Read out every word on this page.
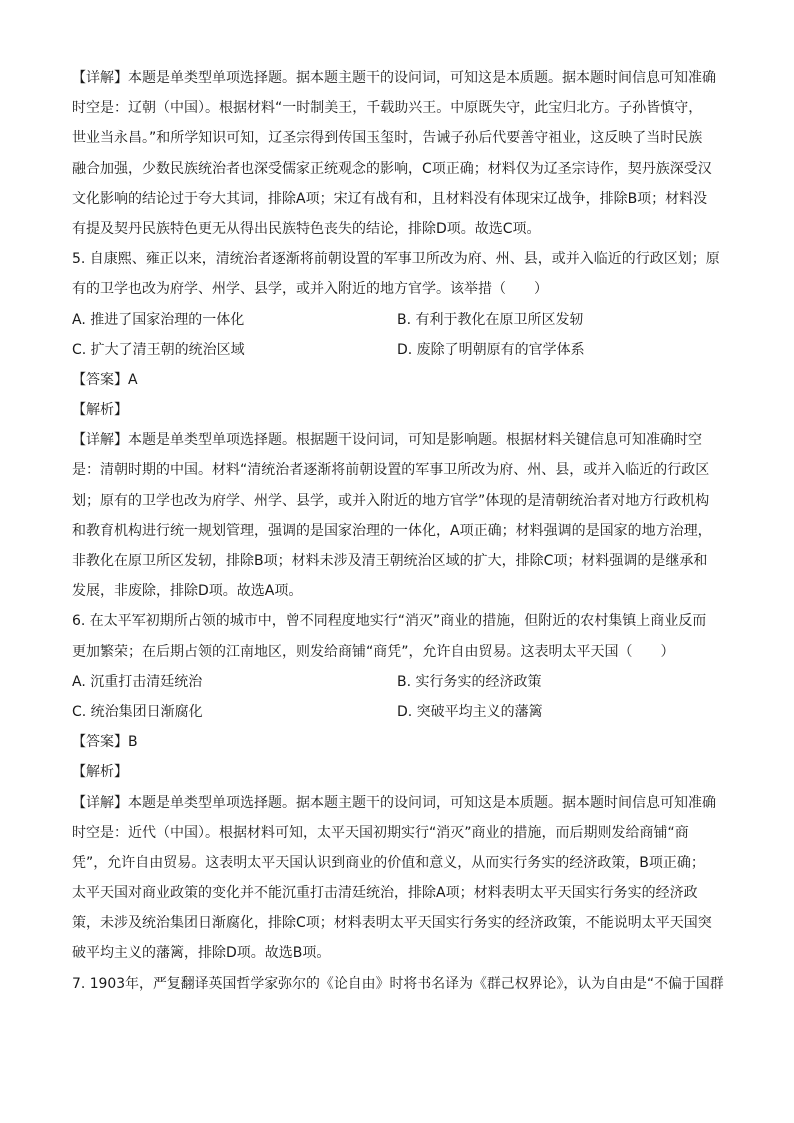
【详解】本题是单类型单项选择题。据本题主题干的设问词，可知这是本质题。据本题时间信息可知准确
时空是：辽朝（中国）。根据材料“一时制美王，千载助兴王。中原既失守，此宝归北方。子孙皆慎守，
世业当永昌。”和所学知识可知，辽圣宗得到传国玉玺时，告诫子孙后代要善守祖业，这反映了当时民族
融合加强，少数民族统治者也深受儒家正统观念的影响，C项正确；材料仅为辽圣宗诗作，契丹族深受汉
文化影响的结论过于夸大其词，排除A项；宋辽有战有和，且材料没有体现宋辽战争，排除B项；材料没
有提及契丹民族特色更无从得出民族特色丧失的结论，排除D项。故选C项。
5. 自康熙、雍正以来，清统治者逐渐将前朝设置的军事卫所改为府、州、县，或并入临近的行政区划；原
有的卫学也改为府学、州学、县学，或并入附近的地方官学。该举措（　　）
A. 推进了国家治理的一体化	B. 有利于教化在原卫所区发轫
C. 扩大了清王朝的统治区域	D. 废除了明朝原有的官学体系
【答案】A
【解析】
【详解】本题是单类型单项选择题。根据题干设问词，可知是影响题。根据材料关键信息可知准确时空
是：清朝时期的中国。材料“清统治者逐渐将前朝设置的军事卫所改为府、州、县，或并入临近的行政区
划；原有的卫学也改为府学、州学、县学，或并入附近的地方官学”体现的是清朝统治者对地方行政机构
和教育机构进行统一规划管理，强调的是国家治理的一体化，A项正确；材料强调的是国家的地方治理，
非教化在原卫所区发轫，排除B项；材料未涉及清王朝统治区域的扩大，排除C项；材料强调的是继承和
发展，非废除，排除D项。故选A项。
6. 在太平军初期所占领的城市中，曾不同程度地实行“消灭”商业的措施，但附近的农村集镇上商业反而
更加繁荣；在后期占领的江南地区，则发给商铺“商凭”，允许自由贸易。这表明太平天国（　　）
A. 沉重打击清廷统治	B. 实行务实的经济政策
C. 统治集团日渐腐化	D. 突破平均主义的藩篱
【答案】B
【解析】
【详解】本题是单类型单项选择题。据本题主题干的设问词，可知这是本质题。据本题时间信息可知准确
时空是：近代（中国）。根据材料可知，太平天国初期实行“消灭”商业的措施，而后期则发给商铺“商
凭”，允许自由贸易。这表明太平天国认识到商业的价值和意义，从而实行务实的经济政策，B项正确；
太平天国对商业政策的变化并不能沉重打击清廷统治，排除A项；材料表明太平天国实行务实的经济政
策，未涉及统治集团日渐腐化，排除C项；材料表明太平天国实行务实的经济政策，不能说明太平天国突
破平均主义的藩篱，排除D项。故选B项。
7. 1903年，严复翻译英国哲学家弥尔的《论自由》时将书名译为《群己权界论》，认为自由是“不偏于国群
